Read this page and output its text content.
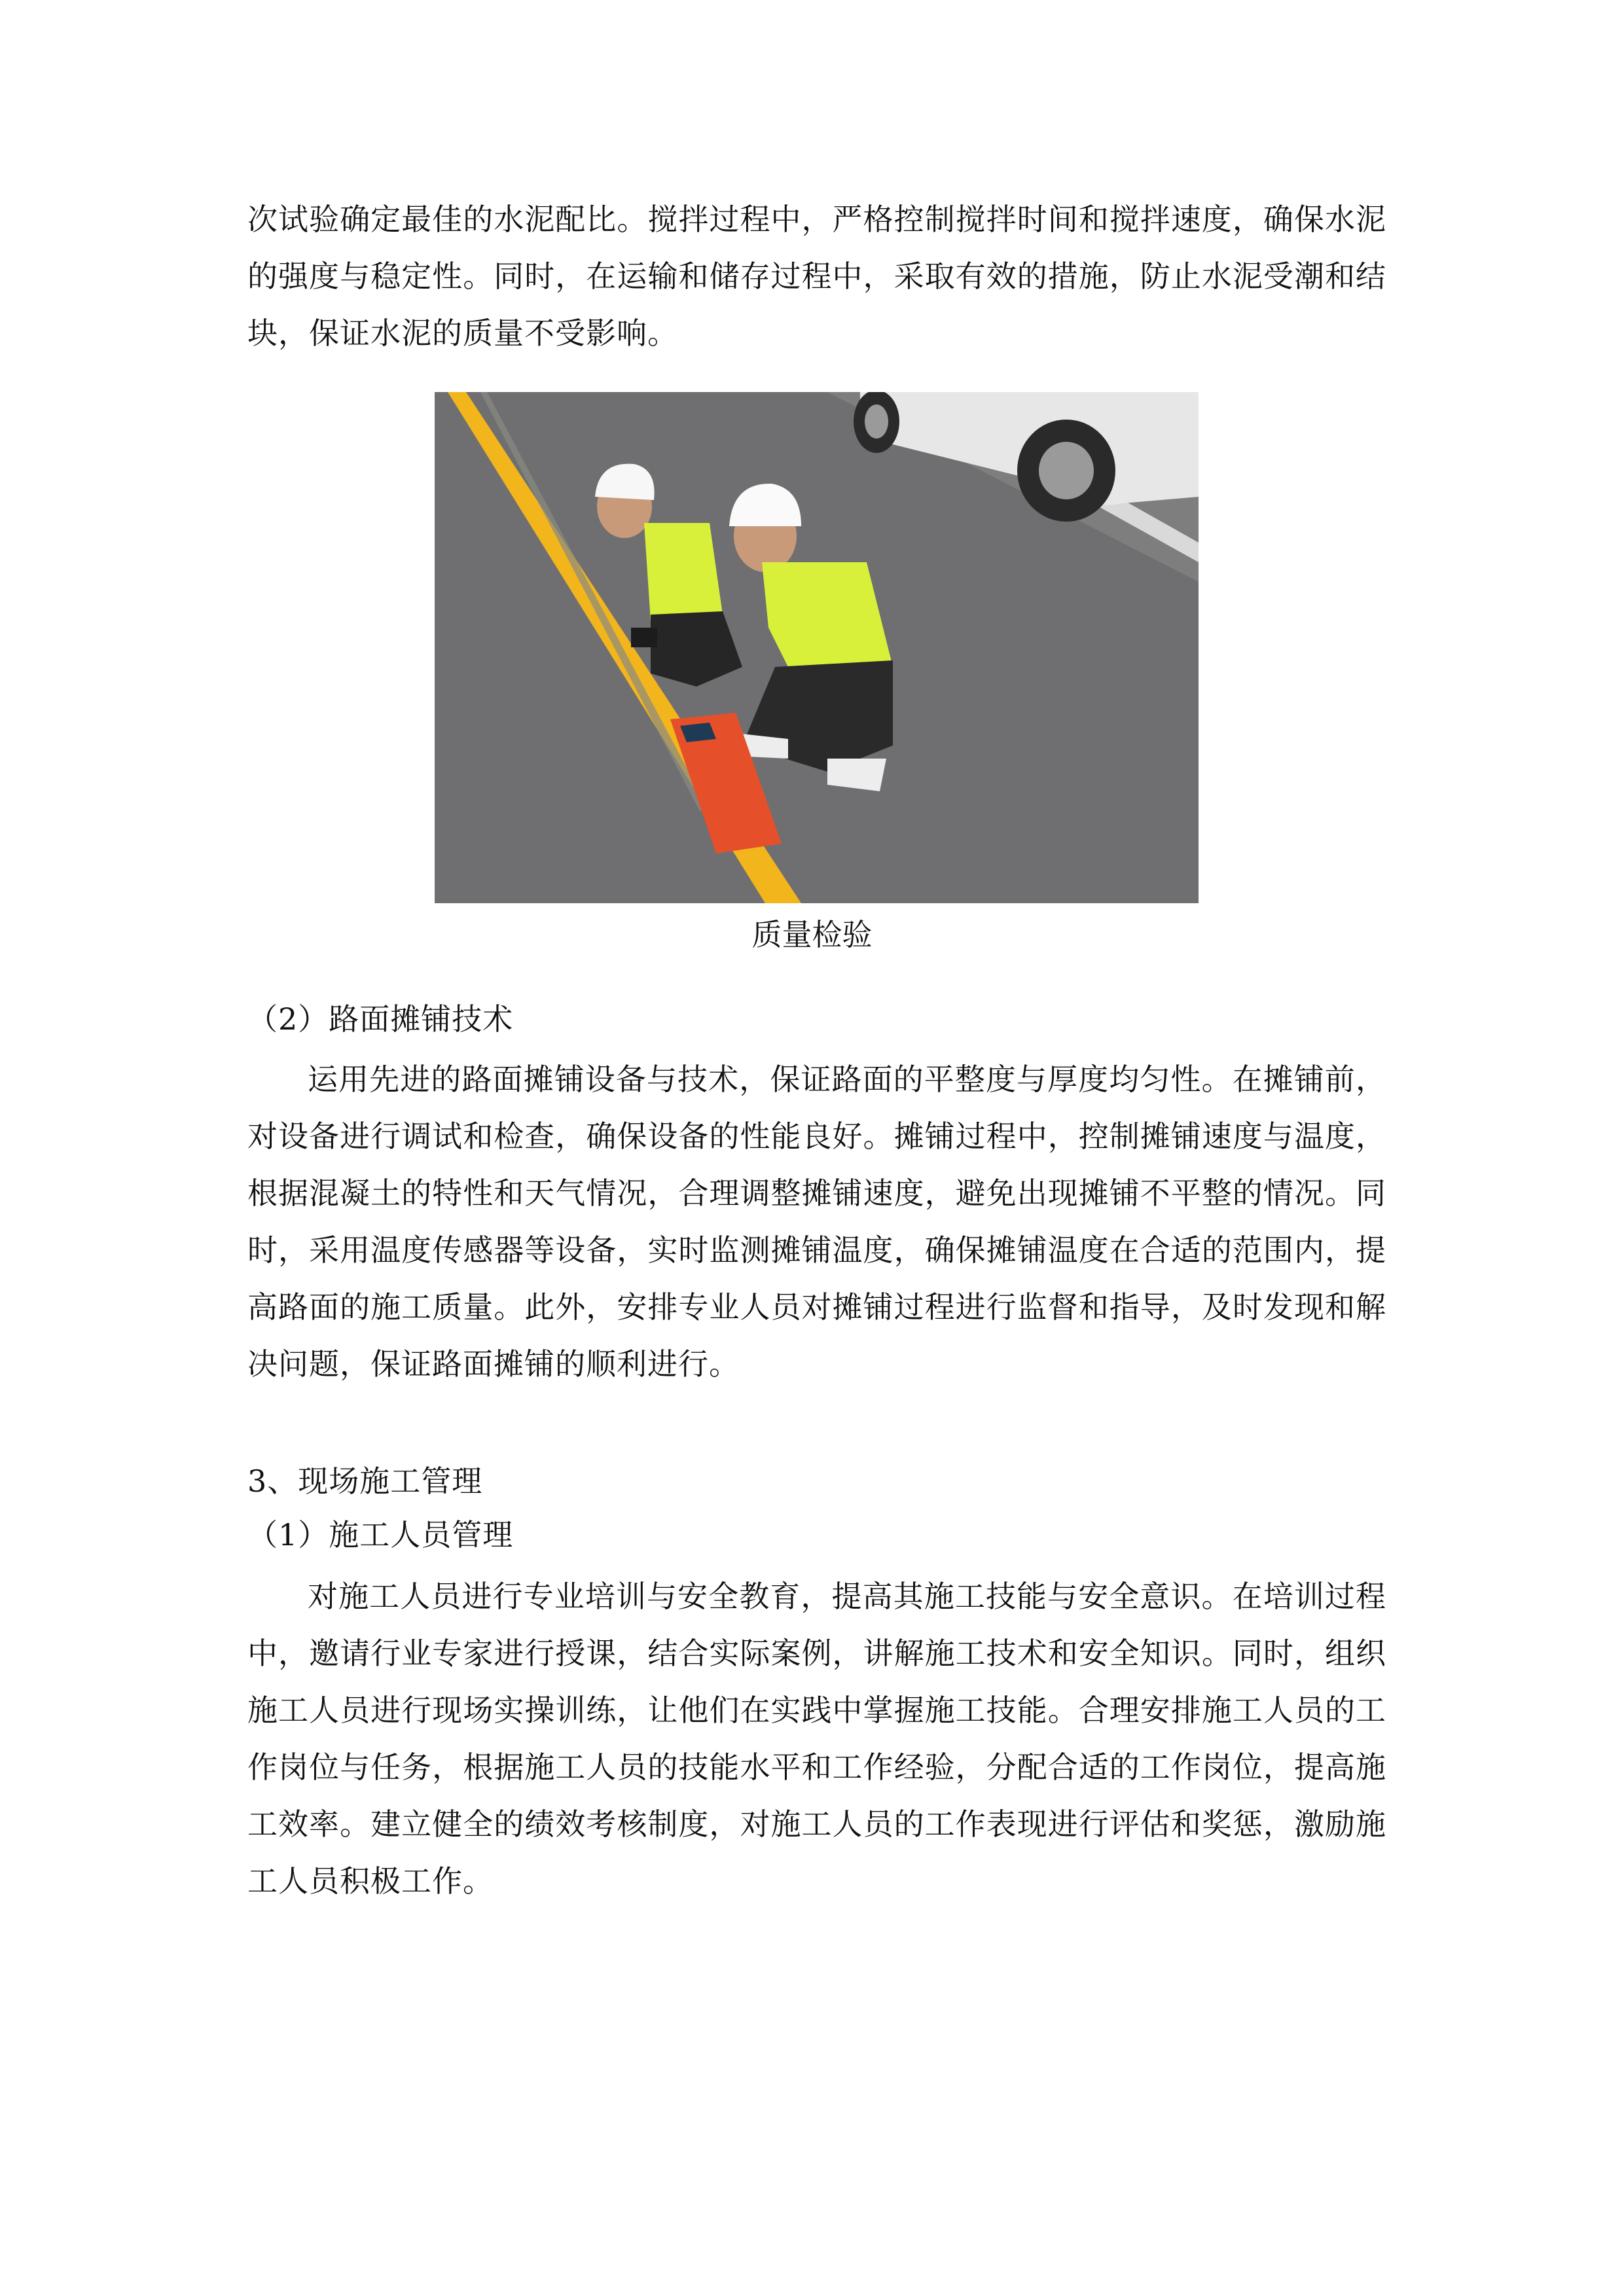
次试验确定最佳的水泥配比。搅拌过程中，严格控制搅拌时间和搅拌速度，确保水泥的强度与稳定性。同时，在运输和储存过程中，采取有效的措施，防止水泥受潮和结块，保证水泥的质量不受影响。

质量检验

（2）路面摊铺技术

运用先进的路面摊铺设备与技术，保证路面的平整度与厚度均匀性。在摊铺前，对设备进行调试和检查，确保设备的性能良好。摊铺过程中，控制摊铺速度与温度，根据混凝土的特性和天气情况，合理调整摊铺速度，避免出现摊铺不平整的情况。同时，采用温度传感器等设备，实时监测摊铺温度，确保摊铺温度在合适的范围内，提高路面的施工质量。此外，安排专业人员对摊铺过程进行监督和指导，及时发现和解决问题，保证路面摊铺的顺利进行。

3、现场施工管理

（1）施工人员管理

对施工人员进行专业培训与安全教育，提高其施工技能与安全意识。在培训过程中，邀请行业专家进行授课，结合实际案例，讲解施工技术和安全知识。同时，组织施工人员进行现场实操训练，让他们在实践中掌握施工技能。合理安排施工人员的工作岗位与任务，根据施工人员的技能水平和工作经验，分配合适的工作岗位，提高施工效率。建立健全的绩效考核制度，对施工人员的工作表现进行评估和奖惩，激励施工人员积极工作。
